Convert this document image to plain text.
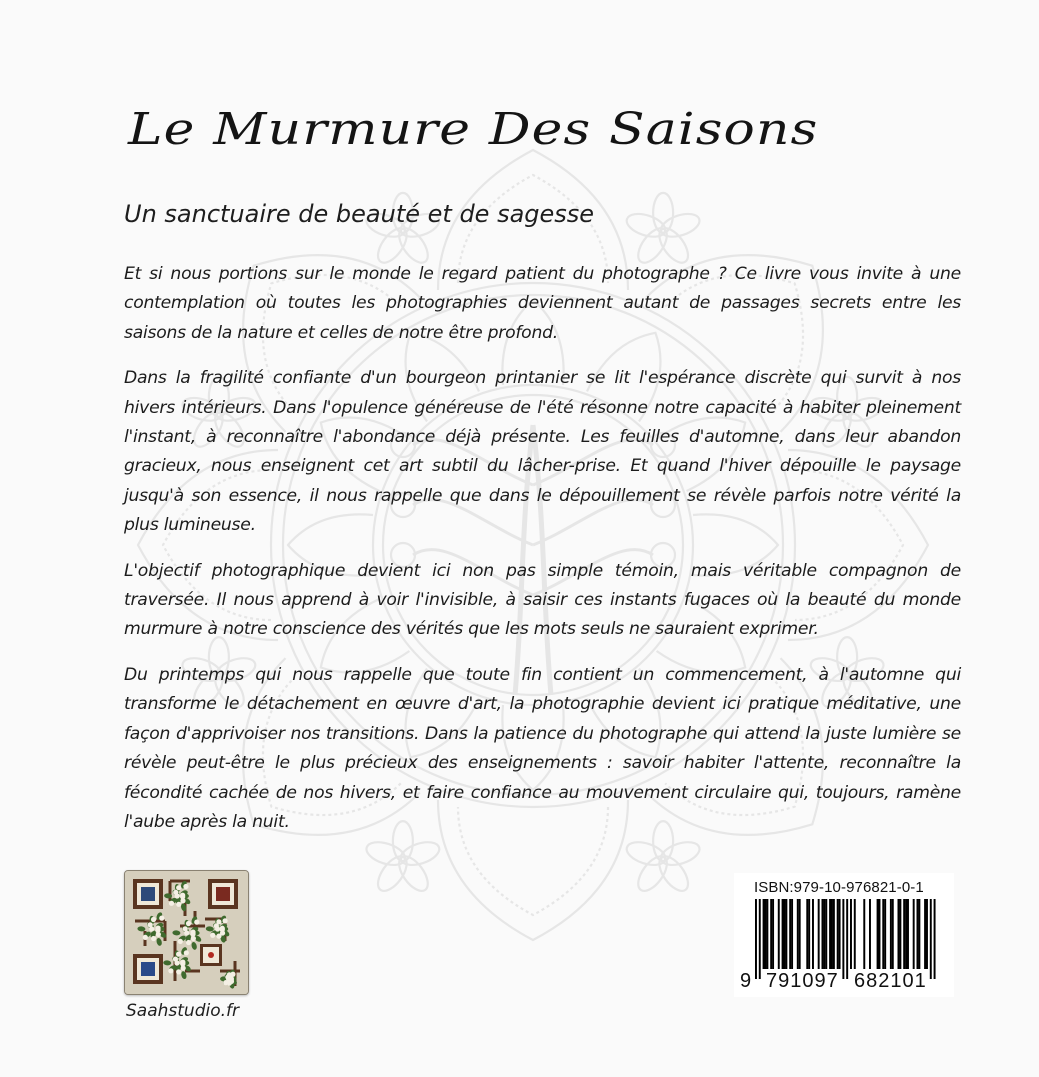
Le Murmure Des Saisons
Un sanctuaire de beauté et de sagesse

Et si nous portions sur le monde le regard patient du photographe ? Ce livre vous invite à une contemplation où toutes les photographies deviennent autant de passages secrets entre les saisons de la nature et celles de notre être profond.

Dans la fragilité confiante d'un bourgeon printanier se lit l'espérance discrète qui survit à nos hivers intérieurs. Dans l'opulence généreuse de l'été résonne notre capacité à habiter pleinement l'instant, à reconnaître l'abondance déjà présente. Les feuilles d'automne, dans leur abandon gracieux, nous enseignent cet art subtil du lâcher-prise. Et quand l'hiver dépouille le paysage jusqu'à son essence, il nous rappelle que dans le dépouillement se révèle parfois notre vérité la plus lumineuse.

L'objectif photographique devient ici non pas simple témoin, mais véritable compagnon de traversée. Il nous apprend à voir l'invisible, à saisir ces instants fugaces où la beauté du monde murmure à notre conscience des vérités que les mots seuls ne sauraient exprimer.

Du printemps qui nous rappelle que toute fin contient un commencement, à l'automne qui transforme le détachement en œuvre d'art, la photographie devient ici pratique méditative, une façon d'apprivoiser nos transitions. Dans la patience du photographe qui attend la juste lumière se révèle peut-être le plus précieux des enseignements : savoir habiter l'attente, reconnaître la fécondité cachée de nos hivers, et faire confiance au mouvement circulaire qui, toujours, ramène l'aube après la nuit.

Saahstudio.fr
ISBN:979-10-976821-0-1
9 791097 682101
